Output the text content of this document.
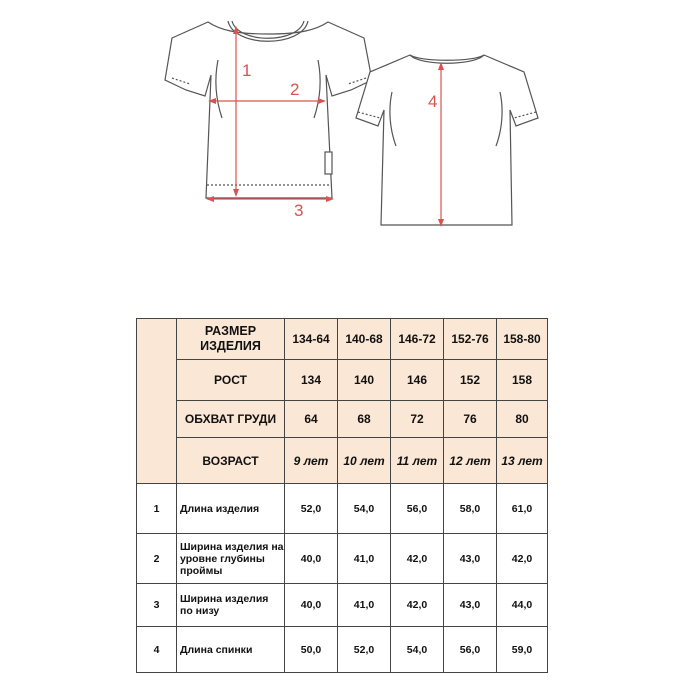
1
2
3
4
	РАЗМЕР ИЗДЕЛИЯ	134-64	140-68	146-72	152-76	158-80
	РОСТ	134	140	146	152	158
	ОБХВАТ ГРУДИ	64	68	72	76	80
	ВОЗРАСТ	9 лет	10 лет	11 лет	12 лет	13 лет
1	Длина изделия	52,0	54,0	56,0	58,0	61,0
2	Ширина изделия на уровне глубины проймы	40,0	41,0	42,0	43,0	42,0
3	Ширина изделия по низу	40,0	41,0	42,0	43,0	44,0
4	Длина спинки	50,0	52,0	54,0	56,0	59,0
